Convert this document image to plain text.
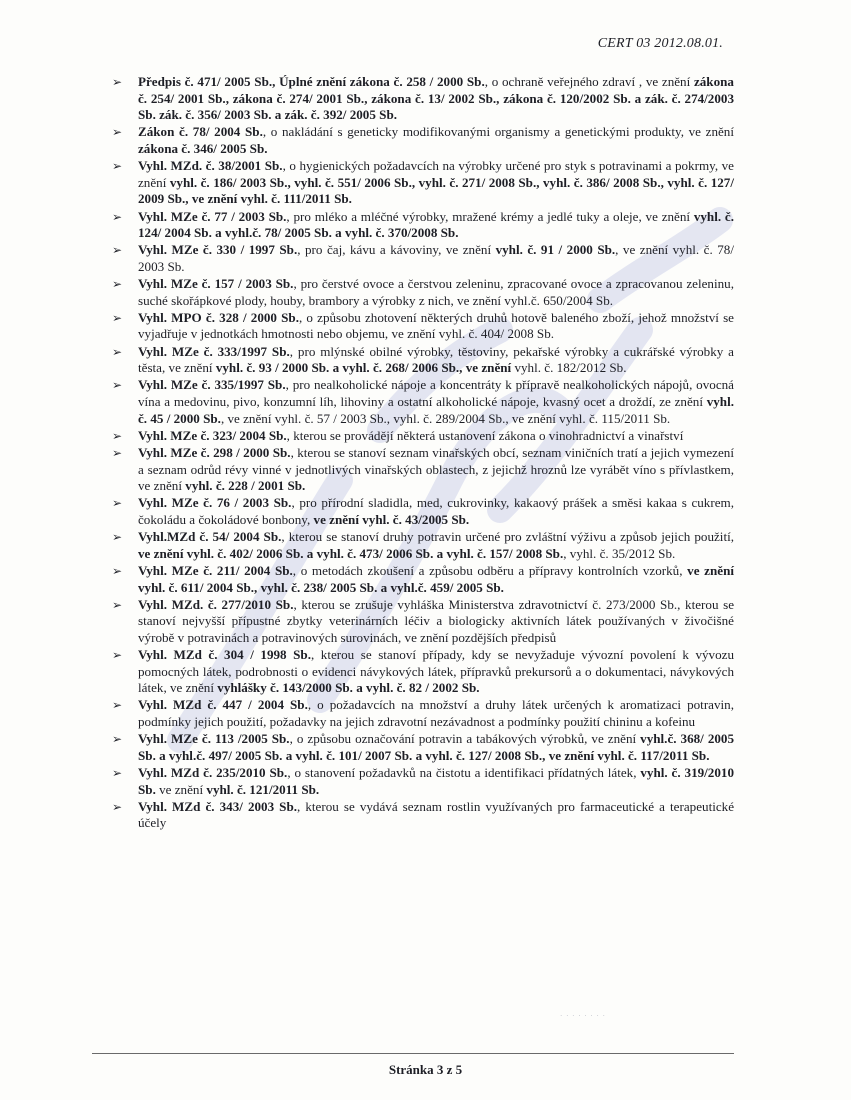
CERT 03 2012.08.01.
➢ Předpis č. 471/ 2005 Sb., Úplné znění zákona č. 258 / 2000 Sb., o ochraně veřejného zdraví , ve znění zákona č. 254/ 2001 Sb., zákona č. 274/ 2001 Sb., zákona č. 13/ 2002 Sb., zákona č. 120/2002 Sb. a zák. č. 274/2003 Sb. zák. č. 356/ 2003 Sb. a zák. č. 392/ 2005 Sb.
➢ Zákon č. 78/ 2004 Sb., o nakládání s geneticky modifikovanými organismy a genetickými produkty, ve znění zákona č. 346/ 2005 Sb.
➢ Vyhl. MZd. č. 38/2001 Sb., o hygienických požadavcích na výrobky určené pro styk s potravinami a pokrmy, ve znění vyhl. č. 186/ 2003 Sb., vyhl. č. 551/ 2006 Sb., vyhl. č. 271/ 2008 Sb., vyhl. č. 386/ 2008 Sb., vyhl. č. 127/ 2009 Sb., ve znění vyhl. č. 111/2011 Sb.
➢ Vyhl. MZe č. 77 / 2003 Sb., pro mléko a mléčné výrobky, mražené krémy a jedlé tuky a oleje, ve znění vyhl. č. 124/ 2004 Sb. a vyhl.č. 78/ 2005 Sb. a vyhl. č. 370/2008 Sb.
➢ Vyhl. MZe č. 330 / 1997 Sb., pro čaj, kávu a kávoviny, ve znění vyhl. č. 91 / 2000 Sb., ve znění vyhl. č. 78/ 2003 Sb.
➢ Vyhl. MZe č. 157 / 2003 Sb., pro čerstvé ovoce a čerstvou zeleninu, zpracované ovoce a zpracovanou zeleninu, suché skořápkové plody, houby, brambory a výrobky z nich, ve znění vyhl.č. 650/2004 Sb.
➢ Vyhl. MPO č. 328 / 2000 Sb., o způsobu zhotovení některých druhů hotově baleného zboží, jehož množství se vyjadřuje v jednotkách hmotnosti nebo objemu, ve znění vyhl. č. 404/ 2008 Sb.
➢ Vyhl. MZe č. 333/1997 Sb., pro mlýnské obilné výrobky, těstoviny, pekařské výrobky a cukrářské výrobky a těsta, ve znění vyhl. č. 93 / 2000 Sb. a vyhl. č. 268/ 2006 Sb., ve znění vyhl. č. 182/2012 Sb.
➢ Vyhl. MZe č. 335/1997 Sb., pro nealkoholické nápoje a koncentráty k přípravě nealkoholických nápojů, ovocná vína a medovinu, pivo, konzumní líh, lihoviny a ostatní alkoholické nápoje, kvasný ocet a droždí, ze znění vyhl. č. 45 / 2000 Sb., ve znění vyhl. č. 57 / 2003 Sb., vyhl. č. 289/2004 Sb., ve znění vyhl. č. 115/2011 Sb.
➢ Vyhl. MZe č. 323/ 2004 Sb., kterou se provádějí některá ustanovení zákona o vinohradnictví a vinařství
➢ Vyhl. MZe č. 298 / 2000 Sb., kterou se stanoví seznam vinařských obcí, seznam viničních tratí a jejich vymezení a seznam odrůd révy vinné v jednotlivých vinařských oblastech, z jejichž hroznů lze vyrábět víno s přívlastkem, ve znění vyhl. č. 228 / 2001 Sb.
➢ Vyhl. MZe č. 76 / 2003 Sb., pro přírodní sladidla, med, cukrovinky, kakaový prášek a směsi kakaa s cukrem, čokoládu a čokoládové bonbony, ve znění vyhl. č. 43/2005 Sb.
➢ Vyhl.MZd č. 54/ 2004 Sb., kterou se stanoví druhy potravin určené pro zvláštní výživu a způsob jejich použití, ve znění vyhl. č. 402/ 2006 Sb. a vyhl. č. 473/ 2006 Sb. a vyhl. č. 157/ 2008 Sb., vyhl. č. 35/2012 Sb.
➢ Vyhl. MZe č. 211/ 2004 Sb., o metodách zkoušení a způsobu odběru a přípravy kontrolních vzorků, ve znění vyhl. č. 611/ 2004 Sb., vyhl. č. 238/ 2005 Sb. a vyhl.č. 459/ 2005 Sb.
➢ Vyhl. MZd. č. 277/2010 Sb., kterou se zrušuje vyhláška Ministerstva zdravotnictví č. 273/2000 Sb., kterou se stanoví nejvyšší přípustné zbytky veterinárních léčiv a biologicky aktivních látek používaných v živočišné výrobě v potravinách a potravinových surovinách, ve znění pozdějších předpisů
➢ Vyhl. MZd č. 304 / 1998 Sb., kterou se stanoví případy, kdy se nevyžaduje vývozní povolení k vývozu pomocných látek, podrobnosti o evidenci návykových látek, přípravků prekursorů a o dokumentaci, návykových látek, ve znění vyhlášky č. 143/2000 Sb. a vyhl. č. 82 / 2002 Sb.
➢ Vyhl. MZd č. 447 / 2004 Sb., o požadavcích na množství a druhy látek určených k aromatizaci potravin, podmínky jejich použití, požadavky na jejich zdravotní nezávadnost a podmínky použití chininu a kofeinu
➢ Vyhl. MZe č. 113 /2005 Sb., o způsobu označování potravin a tabákových výrobků, ve znění vyhl.č. 368/ 2005 Sb. a vyhl.č. 497/ 2005 Sb. a vyhl. č. 101/ 2007 Sb. a vyhl. č. 127/ 2008 Sb., ve znění vyhl. č. 117/2011 Sb.
➢ Vyhl. MZd č. 235/2010 Sb., o stanovení požadavků na čistotu a identifikaci přídatných látek, vyhl. č. 319/2010 Sb. ve znění vyhl. č. 121/2011 Sb.
➢ Vyhl. MZd č. 343/ 2003 Sb., kterou se vydává seznam rostlin využívaných pro farmaceutické a terapeutické účely
· · · · · · · ·
Stránka 3 z 5
